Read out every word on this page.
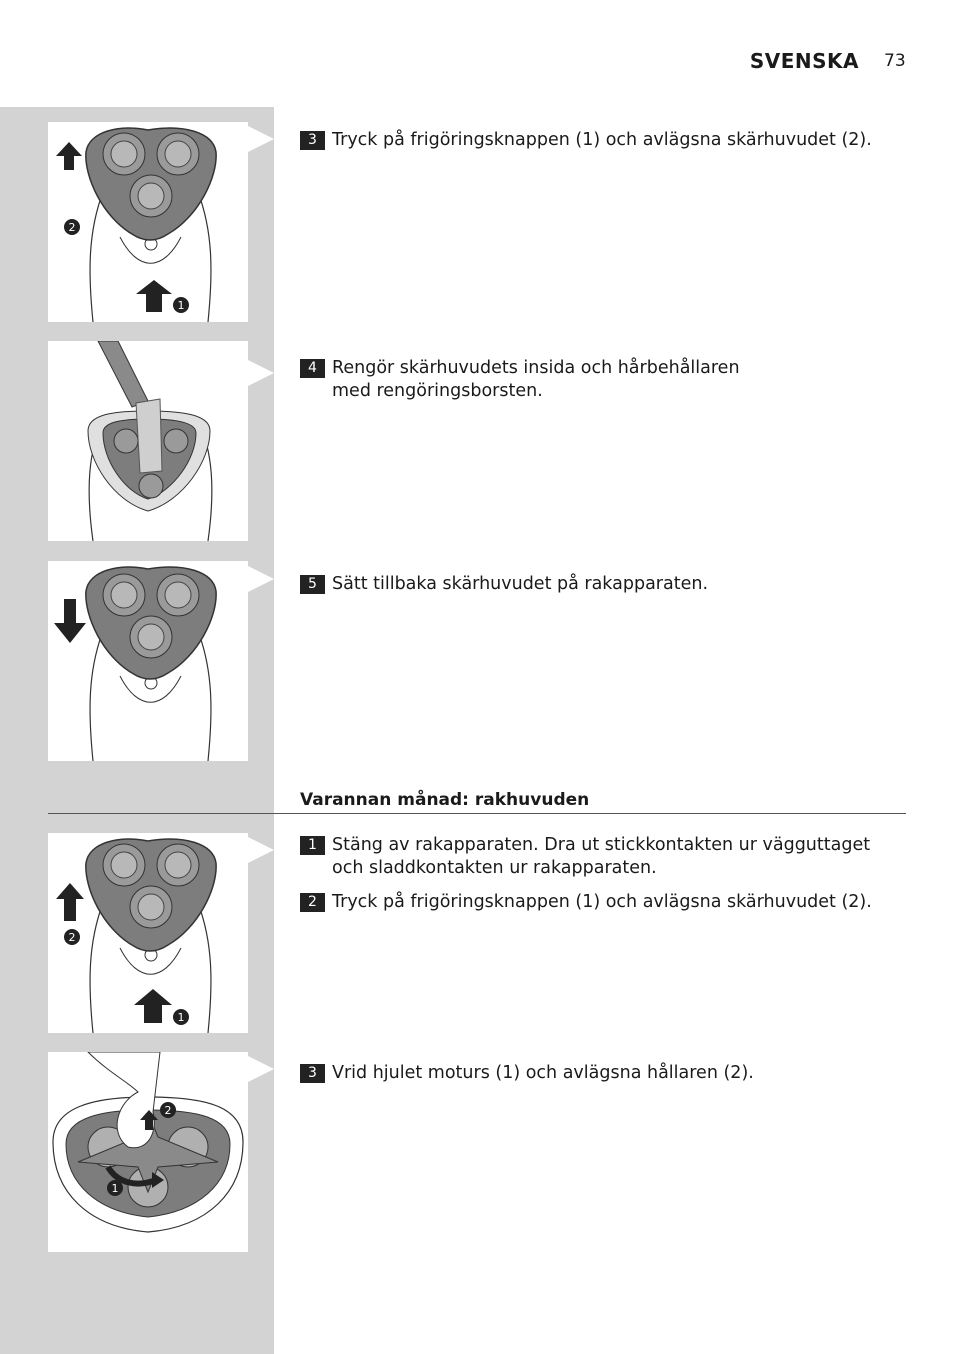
SVENSKA 73
2
1
3 Tryck på frigöringsknappen (1) och avlägsna skärhuvudet (2).
4 Rengör skärhuvudets insida och hårbehållaren med rengöringsborsten.
5 Sätt tillbaka skärhuvudet på rakapparaten.
Varannan månad: rakhuvuden
2
1
2
1
1 Stäng av rakapparaten. Dra ut stickkontakten ur vägguttaget och sladdkontakten ur rakapparaten.
2 Tryck på frigöringsknappen (1) och avlägsna skärhuvudet (2).
3 Vrid hjulet moturs (1) och avlägsna hållaren (2).
